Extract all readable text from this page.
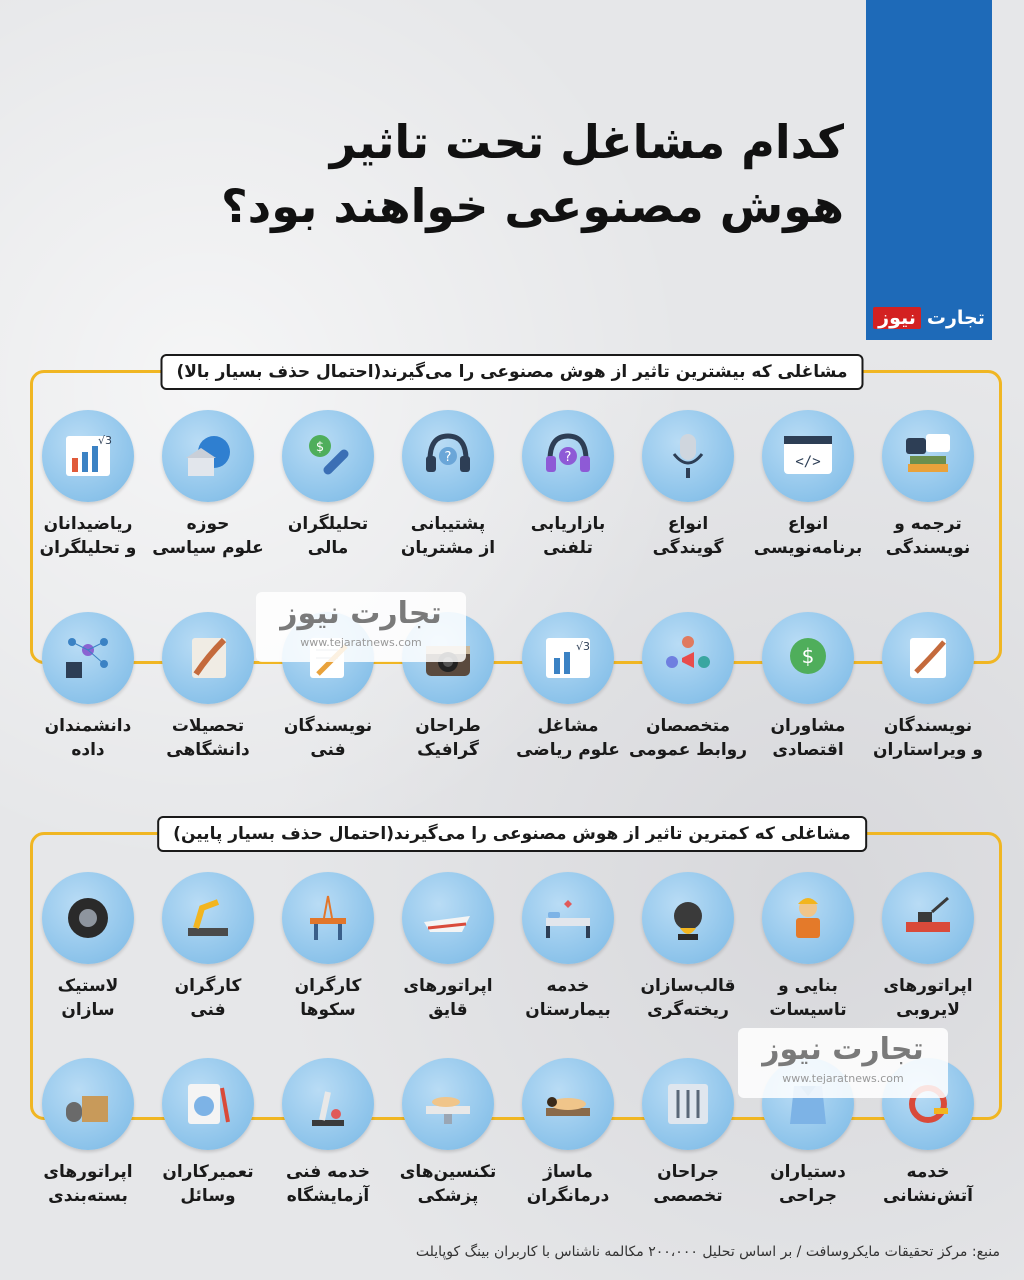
کدام مشاغل تحت تاثیر
هوش مصنوعی خواهند بود؟
تجارت
نیوز
مشاغلی که بیشترین تاثیر از هوش مصنوعی را می‌گیرند(احتمال حذف بسیار بالا)
مشاغلی که کمترین تاثیر از هوش مصنوعی را می‌گیرند(احتمال حذف بسیار پایین)
ترجمه و
نویسندگی
</>
انواع
برنامه‌نویسی
انواع
گویندگی
?
بازاریابی
تلفنی
?
پشتیبانی
از مشتریان
$
تحلیلگران
مالی
حوزه
علوم سیاسی
√3
ریاضیدانان
و تحلیلگران
نویسندگان
و ویراستاران
$
مشاوران
اقتصادی
متخصصان
روابط عمومی
√3
مشاغل
علوم ریاضی
طراحان
گرافیک
نویسندگان
فنی
تحصیلات
دانشگاهی
دانشمندان
داده
اپراتورهای
لایروبی
بنایی و
تاسیسات
قالب‌سازان
ریخته‌گری
خدمه
بیمارستان
اپراتورهای
قایق
کارگران
سکوها
کارگران
فنی
لاستیک
سازان
خدمه
آتش‌نشانی
دستیاران
جراحی
جراحان
تخصصی
ماساژ
درمانگران
تکنسین‌های
پزشکی
خدمه فنی
آزمایشگاه
تعمیرکاران
وسائل
اپراتورهای
بسته‌بندی
تجارت نیوز
www.tejaratnews.com
تجارت نیوز
www.tejaratnews.com
منبع: مرکز تحقیقات مایکروسافت / بر اساس تحلیل ۲۰۰،۰۰۰ مکالمه ناشناس با کاربران بینگ کوپایلت
